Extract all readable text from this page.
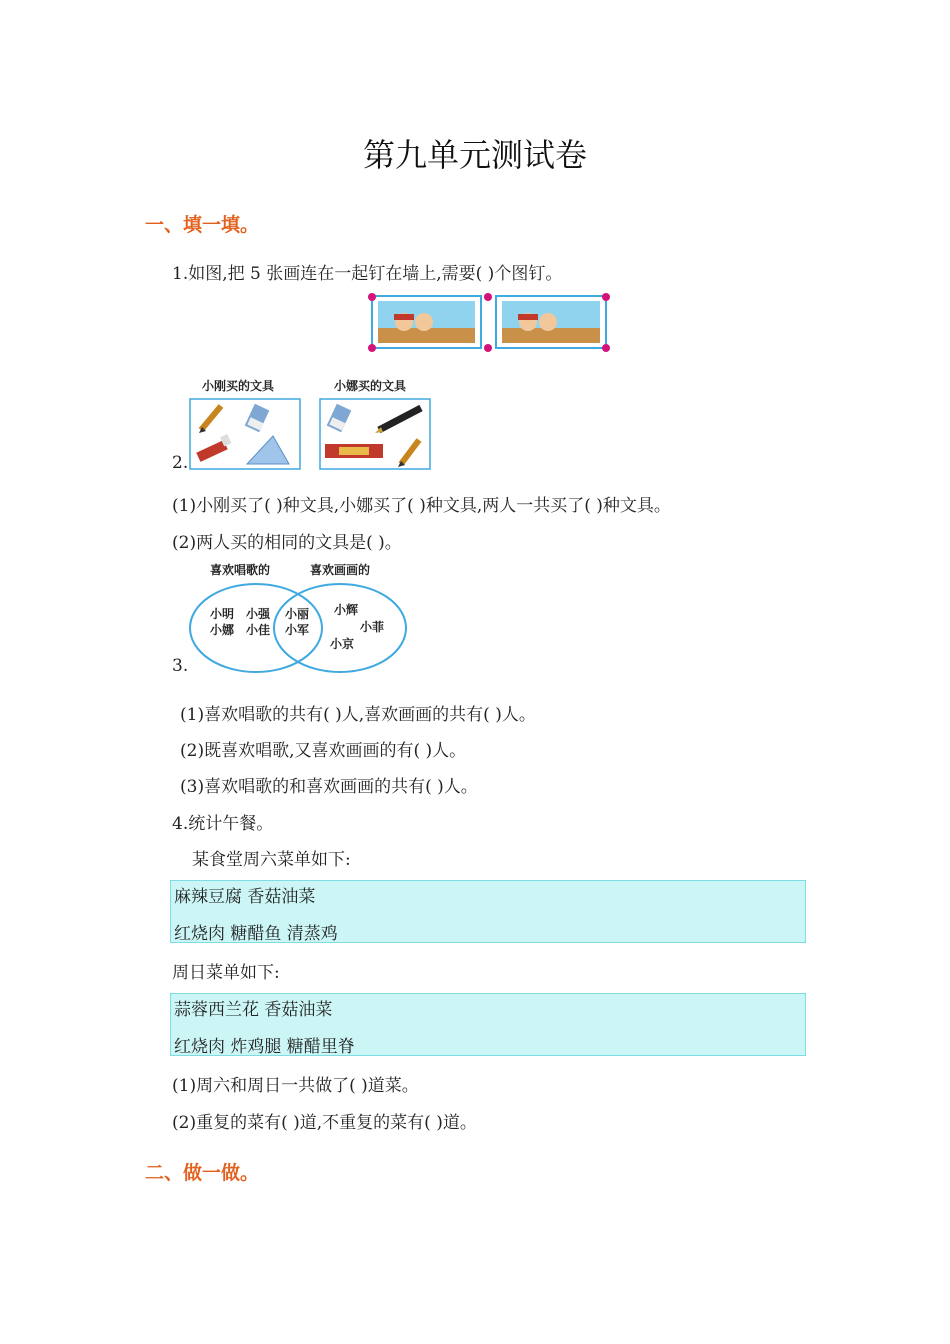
第九单元测试卷
一、填一填。
1.如图,把 5 张画连在一起钉在墙上,需要( )个图钉。
小刚买的文具	小娜买的文具
2.
(1)小刚买了( )种文具,小娜买了( )种文具,两人一共买了( )种文具。
(2)两人买的相同的文具是( )。
喜欢唱歌的	喜欢画画的
小明 小强
小娜 小佳
小丽
小军
小辉
小菲
小京
3.
(1)喜欢唱歌的共有( )人,喜欢画画的共有( )人。
(2)既喜欢唱歌,又喜欢画画的有( )人。
(3)喜欢唱歌的和喜欢画画的共有( )人。
4.统计午餐。
某食堂周六菜单如下:
麻辣豆腐 香菇油菜
红烧肉 糖醋鱼 清蒸鸡
周日菜单如下:
蒜蓉西兰花 香菇油菜
红烧肉 炸鸡腿 糖醋里脊
(1)周六和周日一共做了( )道菜。
(2)重复的菜有( )道,不重复的菜有( )道。
二、做一做。
